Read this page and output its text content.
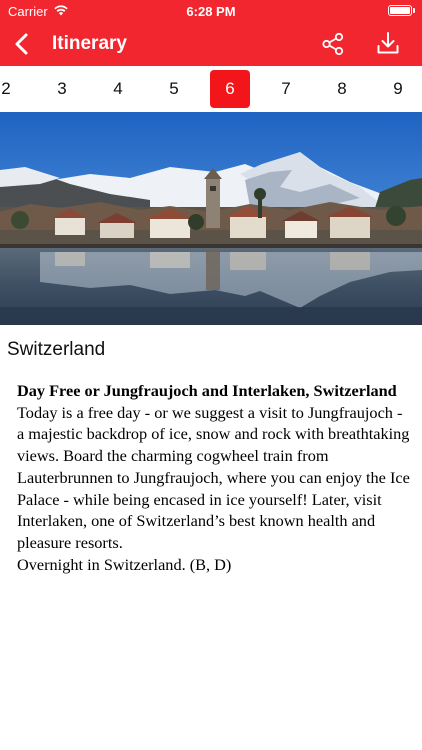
Carrier	6:28 PM
Itinerary
2	3	4	5	6	7	8	9
Switzerland
Day Free or Jungfraujoch and Interlaken, Switzerland
Today is a free day - or we suggest a visit to Jungfraujoch - a majestic backdrop of ice, snow and rock with breathtaking views. Board the charming cogwheel train from Lauterbrunnen to Jungfraujoch, where you can enjoy the Ice Palace - while being encased in ice yourself! Later, visit Interlaken, one of Switzerland’s best known health and pleasure resorts.
Overnight in Switzerland. (B, D)
